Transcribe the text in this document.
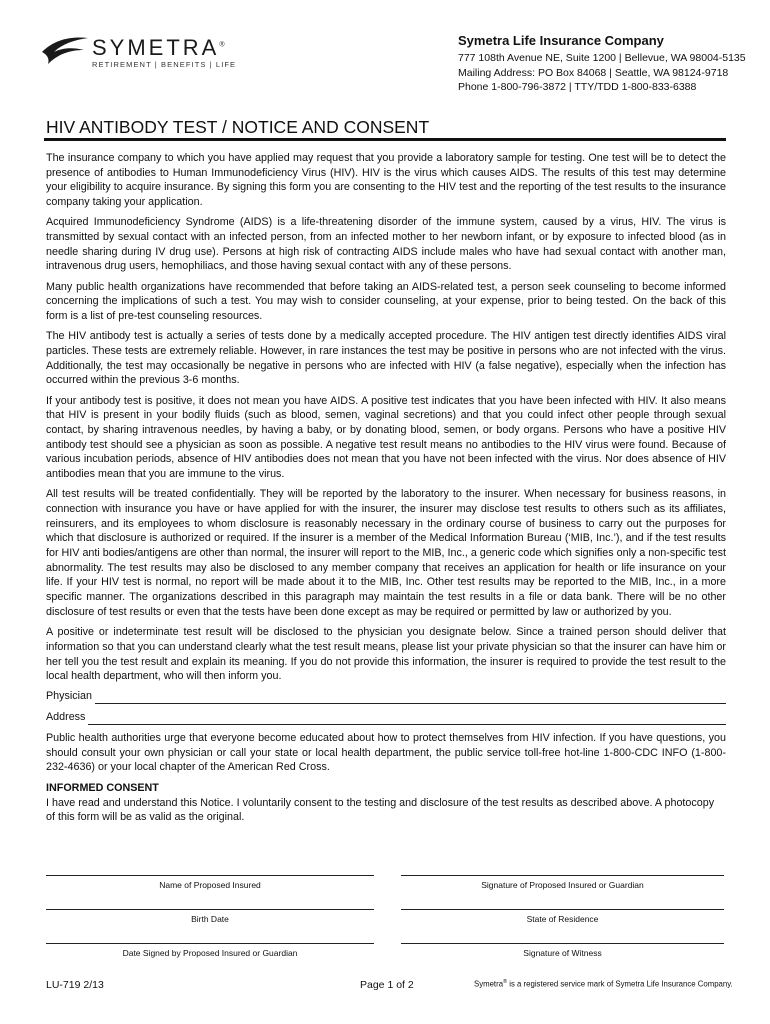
SYMETRA®
RETIREMENT | BENEFITS | LIFE
Symetra Life Insurance Company
777 108th Avenue NE, Suite 1200 | Bellevue, WA 98004-5135
Mailing Address: PO Box 84068 | Seattle, WA 98124-9718
Phone 1-800-796-3872 | TTY/TDD 1-800-833-6388
HIV ANTIBODY TEST / NOTICE AND CONSENT

The insurance company to which you have applied may request that you provide a laboratory sample for testing. One test will be to detect the presence of antibodies to Human Immunodeficiency Virus (HIV). HIV is the virus which causes AIDS. The results of this test may determine your eligibility to acquire insurance. By signing this form you are consenting to the HIV test and the reporting of the test results to the insurance company taking your application.

Acquired Immunodeficiency Syndrome (AIDS) is a life-threatening disorder of the immune system, caused by a virus, HIV. The virus is transmitted by sexual contact with an infected person, from an infected mother to her newborn infant, or by exposure to infected blood (as in needle sharing during IV drug use). Persons at high risk of contracting AIDS include males who have had sexual contact with another man, intravenous drug users, hemophiliacs, and those having sexual contact with any of these persons.

Many public health organizations have recommended that before taking an AIDS-related test, a person seek counseling to become informed concerning the implications of such a test. You may wish to consider counseling, at your expense, prior to being tested. On the back of this form is a list of pre-test counseling resources.

The HIV antibody test is actually a series of tests done by a medically accepted procedure. The HIV antigen test directly identifies AIDS viral particles. These tests are extremely reliable. However, in rare instances the test may be positive in persons who are not infected with the virus. Additionally, the test may occasionally be negative in persons who are infected with HIV (a false negative), especially when the infection has occurred within the previous 3-6 months.

If your antibody test is positive, it does not mean you have AIDS. A positive test indicates that you have been infected with HIV. It also means that HIV is present in your bodily fluids (such as blood, semen, vaginal secretions) and that you could infect other people through sexual contact, by sharing intravenous needles, by having a baby, or by donating blood, semen, or body organs. Persons who have a positive HIV antibody test should see a physician as soon as possible. A negative test result means no antibodies to the HIV virus were found. Because of various incubation periods, absence of HIV antibodies does not mean that you have not been infected with the virus. Nor does absence of HIV antibodies mean that you are immune to the virus.

All test results will be treated confidentially. They will be reported by the laboratory to the insurer. When necessary for business reasons, in connection with insurance you have or have applied for with the insurer, the insurer may disclose test results to others such as its affiliates, reinsurers, and its employees to whom disclosure is reasonably necessary in the ordinary course of business to carry out the purposes for which that disclosure is authorized or required. If the insurer is a member of the Medical Information Bureau (‘MIB, Inc.’), and if the test results for HIV anti bodies/antigens are other than normal, the insurer will report to the MIB, Inc., a generic code which signifies only a non-specific test abnormality. The test results may also be disclosed to any member company that receives an application for health or life insurance on your life. If your HIV test is normal, no report will be made about it to the MIB, Inc. Other test results may be reported to the MIB, Inc., in a more specific manner. The organizations described in this paragraph may maintain the test results in a file or data bank. There will be no other disclosure of test results or even that the tests have been done except as may be required or permitted by law or authorized by you.

A positive or indeterminate test result will be disclosed to the physician you designate below. Since a trained person should deliver that information so that you can understand clearly what the test result means, please list your private physician so that the insurer can have him or her tell you the test result and explain its meaning. If you do not provide this information, the insurer is required to provide the test result to the local health department, who will then inform you.

Physician
Address

Public health authorities urge that everyone become educated about how to protect themselves from HIV infection. If you have questions, you should consult your own physician or call your state or local health department, the public service toll-free hot-line 1-800-CDC INFO (1-800-232-4636) or your local chapter of the American Red Cross.

INFORMED CONSENT
I have read and understand this Notice. I voluntarily consent to the testing and disclosure of the test results as described above. A photocopy
of this form will be as valid as the original.
Name of Proposed Insured	Signature of Proposed Insured or Guardian
Birth Date	State of Residence
Date Signed by Proposed Insured or Guardian	Signature of Witness
LU-719 2/13	Page 1 of 2	Symetra® is a registered service mark of Symetra Life Insurance Company.
